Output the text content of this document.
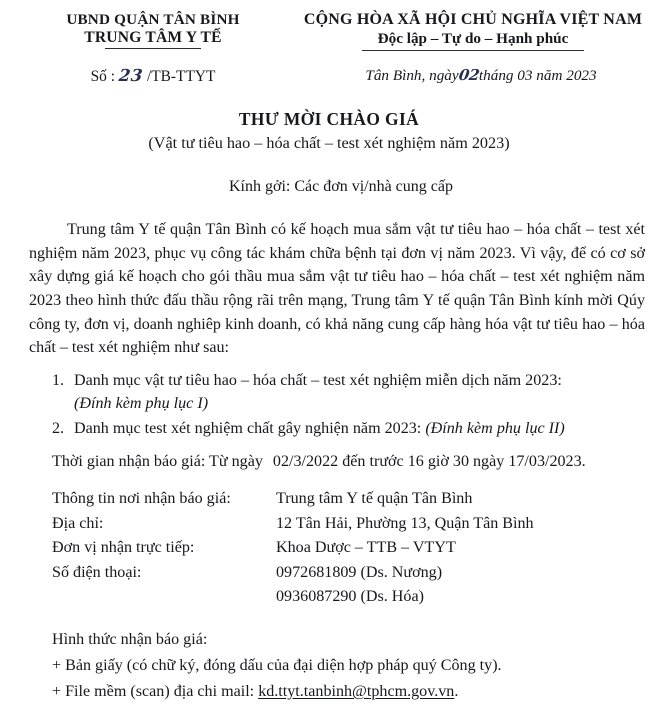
UBND QUẬN TÂN BÌNH
TRUNG TÂM Y TẾ
CỘNG HÒA XÃ HỘI CHỦ NGHĨA VIỆT NAM
Độc lập – Tự do – Hạnh phúc
Số : 23 /TB-TTYT	Tân Bình, ngày02tháng 03 năm 2023
THƯ MỜI CHÀO GIÁ
(Vật tư tiêu hao – hóa chất – test xét nghiệm năm 2023)
Kính gởi: Các đơn vị/nhà cung cấp

Trung tâm Y tế quận Tân Bình có kế hoạch mua sắm vật tư tiêu hao – hóa chất – test xét nghiệm năm 2023, phục vụ công tác khám chữa bệnh tại đơn vị năm 2023. Vì vậy, để có cơ sở xây dựng giá kế hoạch cho gói thầu mua sắm vật tư tiêu hao – hóa chất – test xét nghiệm năm 2023 theo hình thức đấu thầu rộng rãi trên mạng, Trung tâm Y tế quận Tân Bình kính mời Qúy công ty, đơn vị, doanh nghiêp kinh doanh, có khả năng cung cấp hàng hóa vật tư tiêu hao – hóa chất – test xét nghiệm như sau:

1. Danh mục vật tư tiêu hao – hóa chất – test xét nghiệm miễn dịch năm 2023:
(Đính kèm phụ lục I)
2. Danh mục test xét nghiệm chất gây nghiện năm 2023: (Đính kèm phụ lục II)
Thời gian nhận báo giá: Từ ngày 02/3/2022 đến trước 16 giờ 30 ngày 17/03/2023.
Thông tin nơi nhận báo giá:	Trung tâm Y tế quận Tân Bình
Địa chỉ:	12 Tân Hải, Phường 13, Quận Tân Bình
Đơn vị nhận trực tiếp:	Khoa Dược – TTB – VTYT
Số điện thoại:	0972681809 (Ds. Nương)
0936087290 (Ds. Hóa)
Hình thức nhận báo giá:
+ Bản giấy (có chữ ký, đóng dấu của đại diện hợp pháp quý Công ty).
+ File mềm (scan) địa chi mail: kd.ttyt.tanbinh@tphcm.gov.vn.
